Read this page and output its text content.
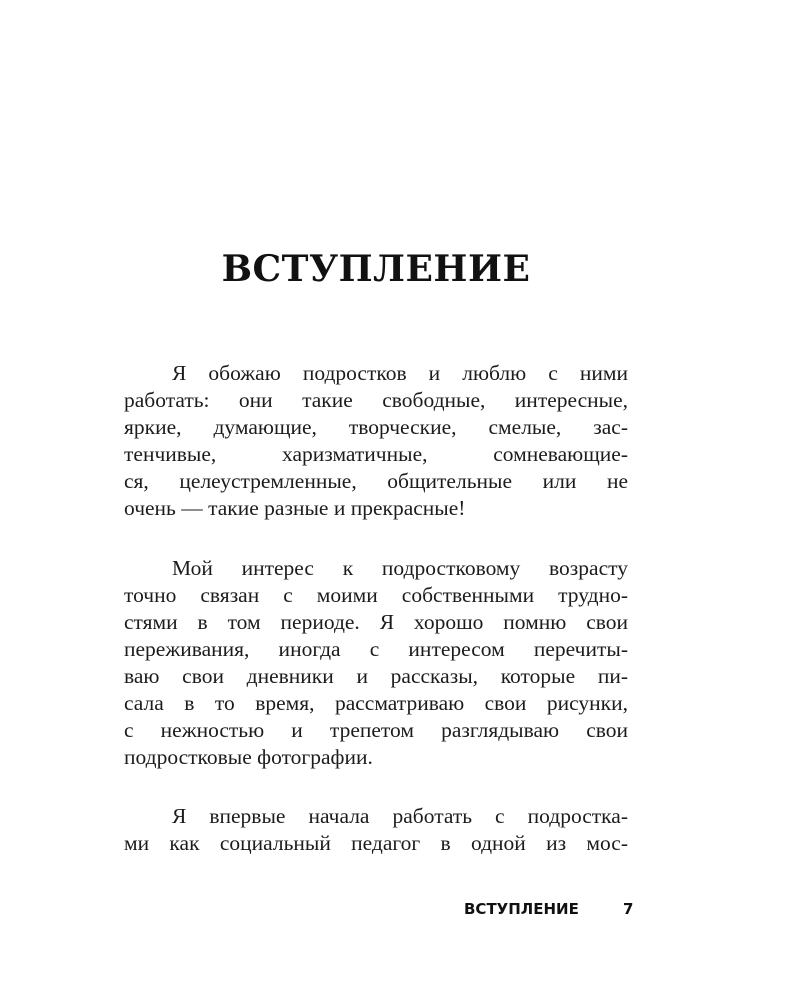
ВСТУПЛЕНИЕ
Я обожаю подростков и люблю с ними
работать: они такие свободные, интересные,
яркие, думающие, творческие, смелые, зас-
тенчивые, харизматичные, сомневающие-
ся, целеустремленные, общительные или не
очень — такие разные и прекрасные!
Мой интерес к подростковому возрасту
точно связан с моими собственными трудно-
стями в том периоде. Я хорошо помню свои
переживания, иногда с интересом перечиты-
ваю свои дневники и рассказы, которые пи-
сала в то время, рассматриваю свои рисунки,
с нежностью и трепетом разглядываю свои
подростковые фотографии.
Я впервые начала работать с подростка-
ми как социальный педагог в одной из мос-
ВСТУПЛЕНИЕ	7
